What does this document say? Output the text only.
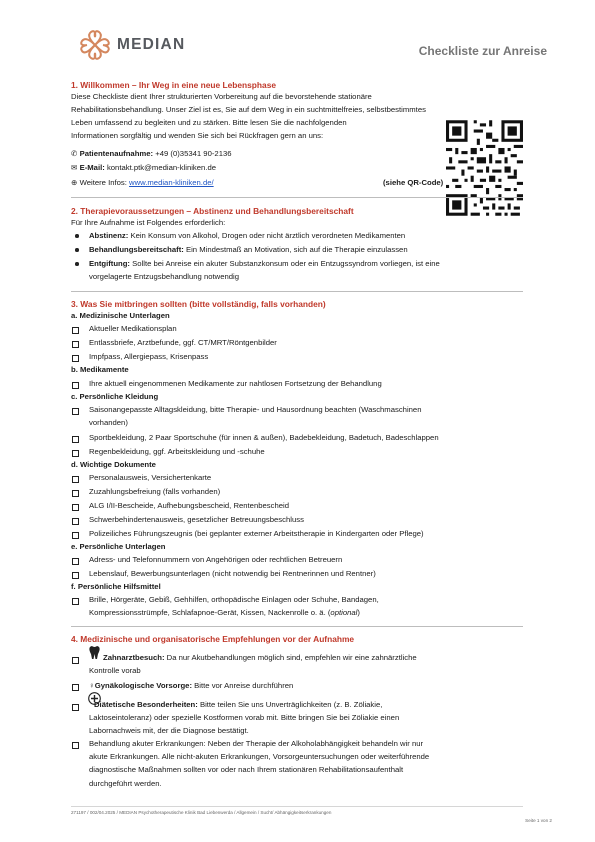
MEDIAN	Checkliste zur Anreise
1. Willkommen – Ihr Weg in eine neue Lebensphase
Diese Checkliste dient Ihrer strukturierten Vorbereitung auf die bevorstehende stationäre
Rehabilitationsbehandlung. Unser Ziel ist es, Sie auf dem Weg in ein suchtmittelfreies, selbstbestimmtes
Leben umfassend zu begleiten und zu stärken. Bitte lesen Sie die nachfolgenden
Informationen sorgfältig und wenden Sie sich bei Rückfragen gern an uns:
✆ Patientenaufnahme: +49 (0)35341 90-2136
✉ E-Mail: kontakt.ptk@median-kliniken.de
⊕ Weitere Infos: www.median-kliniken.de/	(siehe QR-Code)
2. Therapievoraussetzungen – Abstinenz und Behandlungsbereitschaft
Für Ihre Aufnahme ist Folgendes erforderlich:
Abstinenz: Kein Konsum von Alkohol, Drogen oder nicht ärztlich verordneten Medikamenten
Behandlungsbereitschaft: Ein Mindestmaß an Motivation, sich auf die Therapie einzulassen
Entgiftung: Sollte bei Anreise ein akuter Substanzkonsum oder ein Entzugssyndrom vorliegen, ist eine
vorgelagerte Entzugsbehandlung notwendig
3. Was Sie mitbringen sollten (bitte vollständig, falls vorhanden)
a. Medizinische Unterlagen
Aktueller Medikationsplan
Entlassbriefe, Arztbefunde, ggf. CT/MRT/Röntgenbilder
Impfpass, Allergiepass, Krisenpass
b. Medikamente
Ihre aktuell eingenommenen Medikamente zur nahtlosen Fortsetzung der Behandlung
c. Persönliche Kleidung
Saisonangepasste Alltagskleidung, bitte Therapie- und Hausordnung beachten (Waschmaschinen
vorhanden)
Sportbekleidung, 2 Paar Sportschuhe (für innen & außen), Badebekleidung, Badetuch, Badeschlappen
Regenbekleidung, ggf. Arbeitskleidung und -schuhe
d. Wichtige Dokumente
Personalausweis, Versichertenkarte
Zuzahlungsbefreiung (falls vorhanden)
ALG I/II-Bescheide, Aufhebungsbescheid, Rentenbescheid
Schwerbehindertenausweis, gesetzlicher Betreuungsbeschluss
Polizeiliches Führungszeugnis (bei geplanter externer Arbeitstherapie in Kindergarten oder Pflege)
e. Persönliche Unterlagen
Adress- und Telefonnummern von Angehörigen oder rechtlichen Betreuern
Lebenslauf, Bewerbungsunterlagen (nicht notwendig bei Rentnerinnen und Rentner)
f. Persönliche Hilfsmittel
Brille, Hörgeräte, Gebiß, Gehhilfen, orthopädische Einlagen oder Schuhe, Bandagen,
Kompressionsstrümpfe, Schlafapnoe-Gerät, Kissen, Nackenrolle o. ä. (optional)
4. Medizinische und organisatorische Empfehlungen vor der Aufnahme
Zahnarztbesuch: Da nur Akutbehandlungen möglich sind, empfehlen wir eine zahnärztliche
Kontrolle vorab
♀Gynäkologische Vorsorge: Bitte vor Anreise durchführen
Diätetische Besonderheiten: Bitte teilen Sie uns Unverträglichkeiten (z. B. Zöliakie,
Laktoseintoleranz) oder spezielle Kostformen vorab mit. Bitte bringen Sie bei Zöliakie einen
Labornachweis mit, der die Diagnose bestätigt.
Behandlung akuter Erkrankungen: Neben der Therapie der Alkoholabhängigkeit behandeln wir nur
akute Erkrankungen. Alle nicht-akuten Erkrankungen, Vorsorgeuntersuchungen oder weiterführende
diagnostische Maßnahmen sollten vor oder nach Ihrem stationären Rehabilitationsaufenthalt
durchgeführt werden.
271197 / 002/04.2025 / MEDIAN Psychotherapeutische Klinik Bad Liebenwerda / Allgemein / Sucht/ Abhängigkeitserkrankungen
Seite 1 von 2
